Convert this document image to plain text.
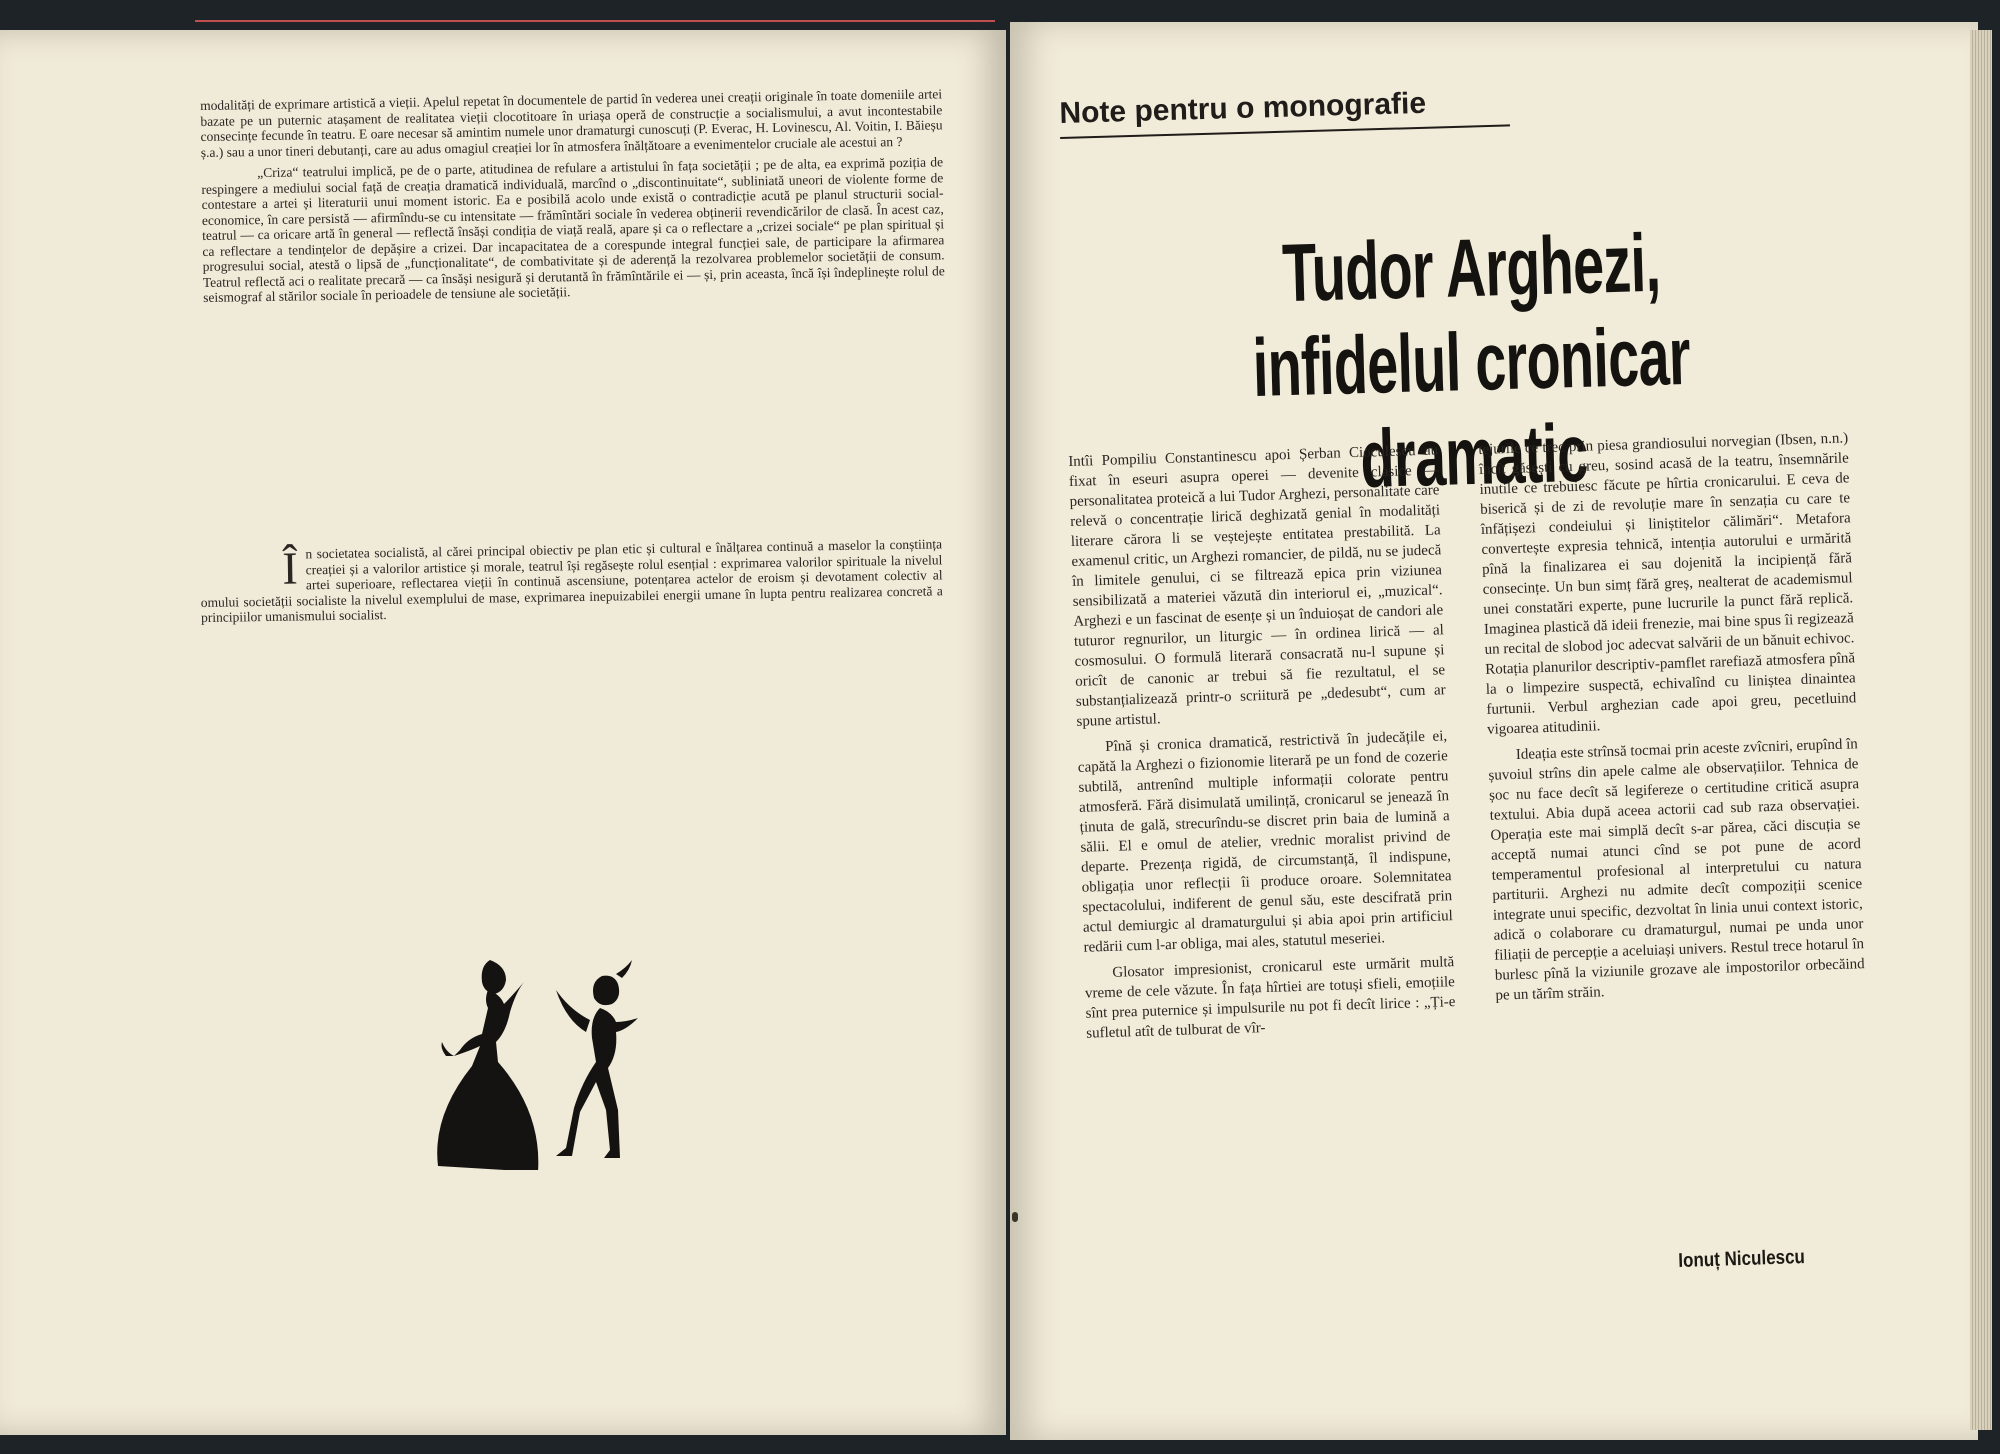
modalități de exprimare artistică a vieții. Apelul repetat în documentele de partid în vederea unei creații originale în toate domeniile artei bazate pe un puternic atașament de realitatea vieții clocotitoare în uriașa operă de construcție a socialismului, a avut incontestabile consecințe fecunde în teatru. E oare necesar să amintim numele unor dramaturgi cunoscuți (P. Everac, H. Lovinescu, Al. Voitin, I. Băieșu ș.a.) sau a unor tineri debutanți, care au adus omagiul creației lor în atmosfera înălțătoare a evenimentelor cruciale ale acestui an ?

„Criza“ teatrului implică, pe de o parte, atitudinea de refulare a artistului în fața societății ; pe de alta, ea exprimă poziția de respingere a mediului social față de creația dramatică individuală, marcînd o „discontinuitate“, subliniată uneori de violente forme de contestare a artei și literaturii unui moment istoric. Ea e posibilă acolo unde există o contradicție acută pe planul structurii social-economice, în care persistă — afirmîndu-se cu intensitate — frămîntări sociale în vederea obținerii revendicărilor de clasă. În acest caz, teatrul — ca oricare artă în general — reflectă însăși condiția de viață reală, apare și ca o reflectare a „crizei sociale“ pe plan spiritual și ca reflectare a tendințelor de depășire a crizei. Dar incapacitatea de a corespunde integral funcției sale, de participare la afirmarea progresului social, atestă o lipsă de „funcționalitate“, de combativitate și de aderență la rezolvarea problemelor societății de consum. Teatrul reflectă aci o realitate precară — ca însăși nesigură și derutantă în frămîntările ei — și, prin aceasta, încă își îndeplinește rolul de seismograf al stărilor sociale în perioadele de tensiune ale societății.

Î n societatea socialistă, al cărei principal obiectiv pe plan etic și cultural e înălțarea continuă a maselor la conștiința creației și a valorilor artistice și morale, teatrul își regăsește rolul esențial : exprimarea valorilor spirituale la nivelul artei superioare, reflectarea vieții în continuă ascensiune, potențarea actelor de eroism și devotament colectiv al omului societății socialiste la nivelul exemplului de mase, exprimarea inepuizabilei energii umane în lupta pentru realizarea concretă a principiilor umanismului socialist.

Note pentru o monografie
Tudor Arghezi,
infidelul cronicar dramatic

Intîi Pompiliu Constantinescu apoi Șerban Cioculescu au fixat în eseuri asupra operei — devenite clasice — personalitatea proteică a lui Tudor Arghezi, personalitate care relevă o concentrație lirică deghizată genial în modalități literare cărora li se veștejește entitatea prestabilită. La examenul critic, un Arghezi romancier, de pildă, nu se judecă în limitele genului, ci se filtrează epica prin viziunea sensibilizată a materiei văzută din interiorul ei, „muzical“. Arghezi e un fascinat de esențe și un înduioșat de candori ale tuturor regnurilor, un liturgic — în ordinea lirică — al cosmosului. O formulă literară consacrată nu-l supune și oricît de canonic ar trebui să fie rezultatul, el se substanțializează printr-o scriitură pe „dedesubt“, cum ar spune artistul.

Pînă și cronica dramatică, restrictivă în judecățile ei, capătă la Arghezi o fizionomie literară pe un fond de cozerie subtilă, antrenînd multiple informații colorate pentru atmosferă. Fără disimulată umilință, cronicarul se jenează în ținuta de gală, strecurîndu-se discret prin baia de lumină a sălii. El e omul de atelier, vrednic moralist privind de departe. Prezența rigidă, de circumstanță, îl indispune, obligația unor reflecții îi produce oroare. Solemnitatea spectacolului, indiferent de genul său, este descifrată prin actul demiurgic al dramaturgului și abia apoi prin artificiul redării cum l-ar obliga, mai ales, statutul meseriei.

Glosator impresionist, cronicarul este urmărit multă vreme de cele văzute. În fața hîrtiei are totuși sfieli, emoțiile sînt prea puternice și impulsurile nu pot fi decît lirice : „Ți-e sufletul atît de tulburat de vîr-

tejurile ce trec prin piesa grandiosului norvegian (Ibsen, n.n.) încît găsești cu greu, sosind acasă de la teatru, însemnările inutile ce trebuiesc făcute pe hîrtia cronicarului. E ceva de biserică și de zi de revoluție mare în senzația cu care te înfățișezi condeiului și liniștitelor călimări“. Metafora convertește expresia tehnică, intenția autorului e urmărită pînă la finalizarea ei sau dojenită la incipiență fără consecințe. Un bun simț fără greș, nealterat de academismul unei constatări experte, pune lucrurile la punct fără replică. Imaginea plastică dă ideii frenezie, mai bine spus îi regizează un recital de slobod joc adecvat salvării de un bănuit echivoc. Rotația planurilor descriptiv-pamflet rarefiază atmosfera pînă la o limpezire suspectă, echivalînd cu liniștea dinaintea furtunii. Verbul arghezian cade apoi greu, pecetluind vigoarea atitudinii.

Ideația este strînsă tocmai prin aceste zvîcniri, erupînd în șuvoiul strîns din apele calme ale observațiilor. Tehnica de șoc nu face decît să legifereze o certitudine critică asupra textului. Abia după aceea actorii cad sub raza observației. Operația este mai simplă decît s-ar părea, căci discuția se acceptă numai atunci cînd se pot pune de acord temperamentul profesional al interpretului cu natura partiturii. Arghezi nu admite decît compoziții scenice integrate unui specific, dezvoltat în linia unui context istoric, adică o colaborare cu dramaturgul, numai pe unda unor filiații de percepție a aceluiași univers. Restul trece hotarul în burlesc pînă la viziunile grozave ale impostorilor orbecăind pe un tărîm străin.

Ionuț Niculescu
